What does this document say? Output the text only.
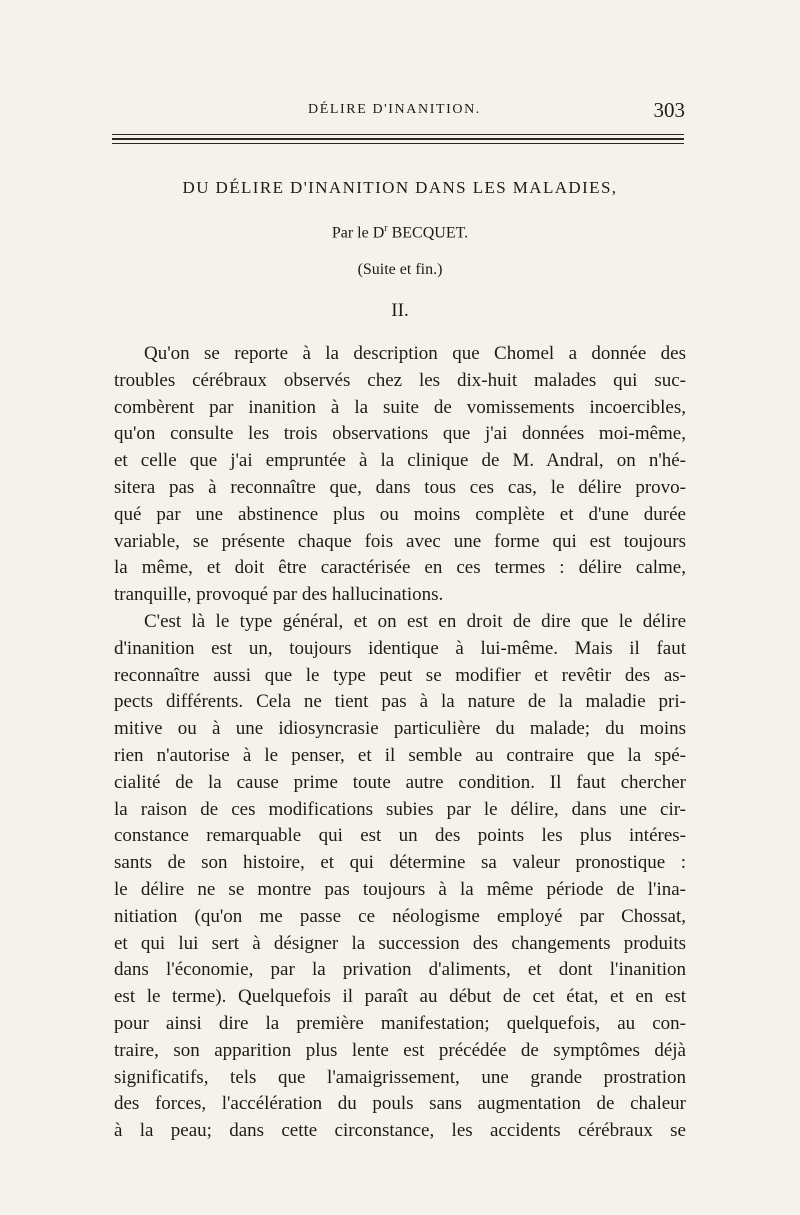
DÉLIRE D'INANITION.	303
DU DÉLIRE D'INANITION DANS LES MALADIES,
Par le $D^r$ BECQUET.
(Suite et fin.)
II.
Qu'on se reporte à la description que Chomel a donnée des
troubles cérébraux observés chez les dix-huit malades qui suc-
combèrent par inanition à la suite de vomissements incoercibles,
qu'on consulte les trois observations que j'ai données moi-même,
et celle que j'ai empruntée à la clinique de M. Andral, on n'hé-
sitera pas à reconnaître que, dans tous ces cas, le délire provo-
qué par une abstinence plus ou moins complète et d'une durée
variable, se présente chaque fois avec une forme qui est toujours
la même, et doit être caractérisée en ces termes : délire calme,
tranquille, provoqué par des hallucinations.
C'est là le type général, et on est en droit de dire que le délire
d'inanition est un, toujours identique à lui-même. Mais il faut
reconnaître aussi que le type peut se modifier et revêtir des as-
pects différents. Cela ne tient pas à la nature de la maladie pri-
mitive ou à une idiosyncrasie particulière du malade; du moins
rien n'autorise à le penser, et il semble au contraire que la spé-
cialité de la cause prime toute autre condition. Il faut chercher
la raison de ces modifications subies par le délire, dans une cir-
constance remarquable qui est un des points les plus intéres-
sants de son histoire, et qui détermine sa valeur pronostique :
le délire ne se montre pas toujours à la même période de l'ina-
nitiation (qu'on me passe ce néologisme employé par Chossat,
et qui lui sert à désigner la succession des changements produits
dans l'économie, par la privation d'aliments, et dont l'inanition
est le terme). Quelquefois il paraît au début de cet état, et en est
pour ainsi dire la première manifestation; quelquefois, au con-
traire, son apparition plus lente est précédée de symptômes déjà
significatifs, tels que l'amaigrissement, une grande prostration
des forces, l'accélération du pouls sans augmentation de chaleur
à la peau; dans cette circonstance, les accidents cérébraux se
